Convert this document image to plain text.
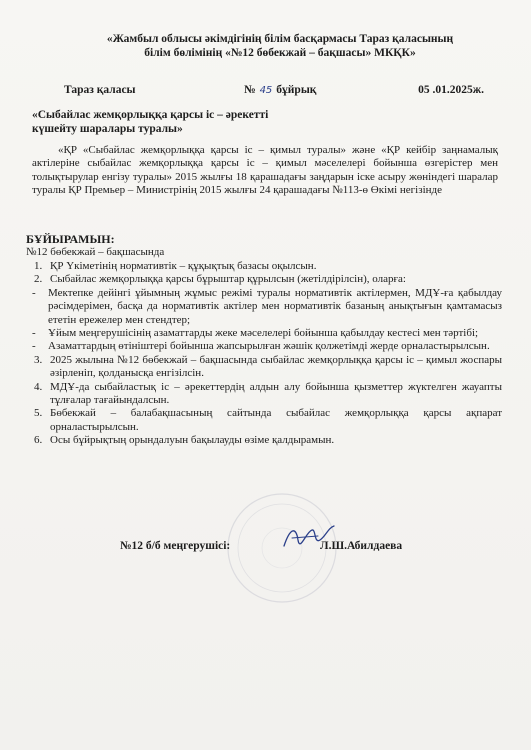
«Жамбыл облысы әкімдігінің білім басқармасы Тараз қаласының
білім бөлімінің «№12 бөбекжай – бақшасы» МКҚК»
Тараз қаласы	№ 45 бұйрық	05 .01.2025ж.
«Сыбайлас жемқорлыққа қарсы іс – әрекетті
күшейту шаралары туралы»
«ҚР «Сыбайлас жемқорлыққа қарсы іс – қимыл туралы» және «ҚР кейбір заңнамалық актілеріне сыбайлас жемқорлыққа қарсы іс – қимыл мәселелері бойынша өзгерістер мен толықтырулар енгізу туралы» 2015 жылғы 18 қарашадағы заңдарын іске асыру жөніндегі шаралар туралы ҚР Премьер – Министрінің 2015 жылғы 24 қарашадағы №113-ө Өкімі негізінде
БҰЙЫРАМЫН:
№12 бөбекжай – бақшасында
1. ҚР Үкіметінің нормативтік – құқықтық базасы оқылсын.
2. Сыбайлас жемқорлыққа қарсы бұрыштар құрылсын (жетілдірілсін), оларға:
-	Мектепке дейінгі ұйымның жұмыс режімі туралы нормативтік актілермен, МДҰ-ға қабылдау рәсімдерімен, басқа да нормативтік актілер мен нормативтік базаның анықтығын қамтамасыз ететін ережелер мен стендтер;
-	Ұйым меңгерушісінің азаматтарды жеке мәселелері бойынша қабылдау кестесі мен тәртібі;
-	Азаматтардың өтініштері бойынша жапсырылған жәшік қолжетімді жерде орналастырылсын.
3. 2025 жылына №12 бөбекжай – бақшасында сыбайлас жемқорлыққа қарсы іс – қимыл жоспары әзірленіп, қолданысқа енгізілсін.
4. МДҰ-да сыбайластық іс – әрекеттердің алдын алу бойынша қызметтер жүктелген жауапты тұлғалар тағайындалсын.
5. Бөбекжай – балабақшасының сайтында сыбайлас жемқорлыққа қарсы ақпарат орналастырылсын.
6. Осы бұйрықтың орындалуын бақылауды өзіме қалдырамын.
№12 б/б меңгерушісі:	Л.Ш.Абилдаева
